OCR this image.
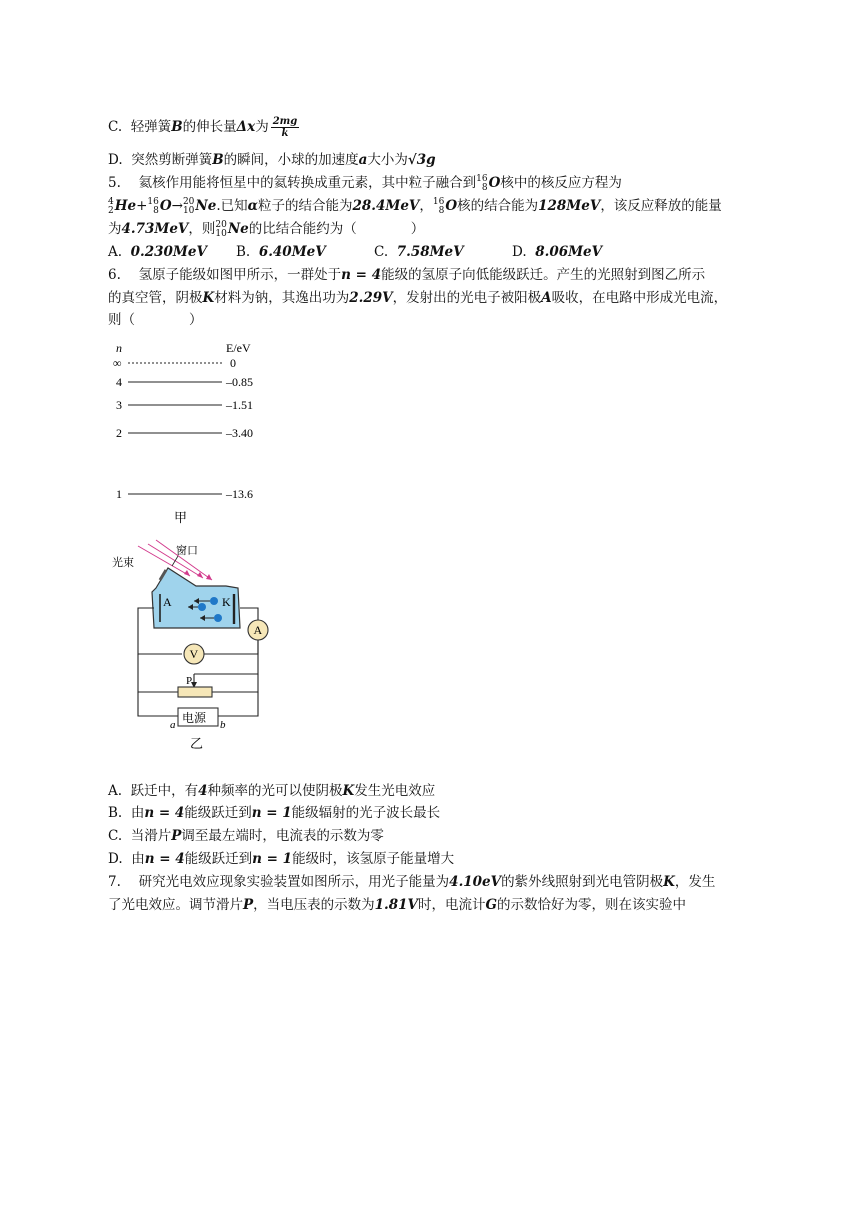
C. 轻弹簧B的伸长量Δx为 $\frac{2mg}{k}$
D. 突然剪断弹簧B的瞬间，小球的加速度a大小为√3g
5.　 氦核作用能将恒星中的氦转换成重元素，其中粒子融合到 16
8 O核中的核反应方程为
4
2 He+ 16
8 O→ 20
10 Ne.已知α粒子的结合能为28.4MeV， 16
8 O核的结合能为128MeV，该反应释放的能量
为4.73MeV，则 20
10 Ne的比结合能约为（　　　　）
A. 0.230MeV B. 6.40MeV	C. 7.58MeV	D. 8.06MeV
6.　 氢原子能级如图甲所示，一群处于n = 4能级的氢原子向低能级跃迁。产生的光照射到图乙所示
的真空管，阴极K材料为钠，其逸出功为2.29V，发射出的光电子被阳极A吸收，在电路中形成光电流，
则（　　　　）
n	E/eV
∞	0
4	–0.85
3	–1.51
2	–3.40
1	–13.6
甲
光束
窗口
A	K
A
V
P
电源
a	b
乙
A. 跃迁中，有4种频率的光可以使阴极K发生光电效应
B. 由n = 4能级跃迁到n = 1能级辐射的光子波长最长
C. 当滑片P调至最左端时，电流表的示数为零
D. 由n = 4能级跃迁到n = 1能级时，该氢原子能量增大
7.　 研究光电效应现象实验装置如图所示，用光子能量为4.10eV的紫外线照射到光电管阴极K，发生
了光电效应。调节滑片P，当电压表的示数为1.81V时，电流计G的示数恰好为零，则在该实验中
